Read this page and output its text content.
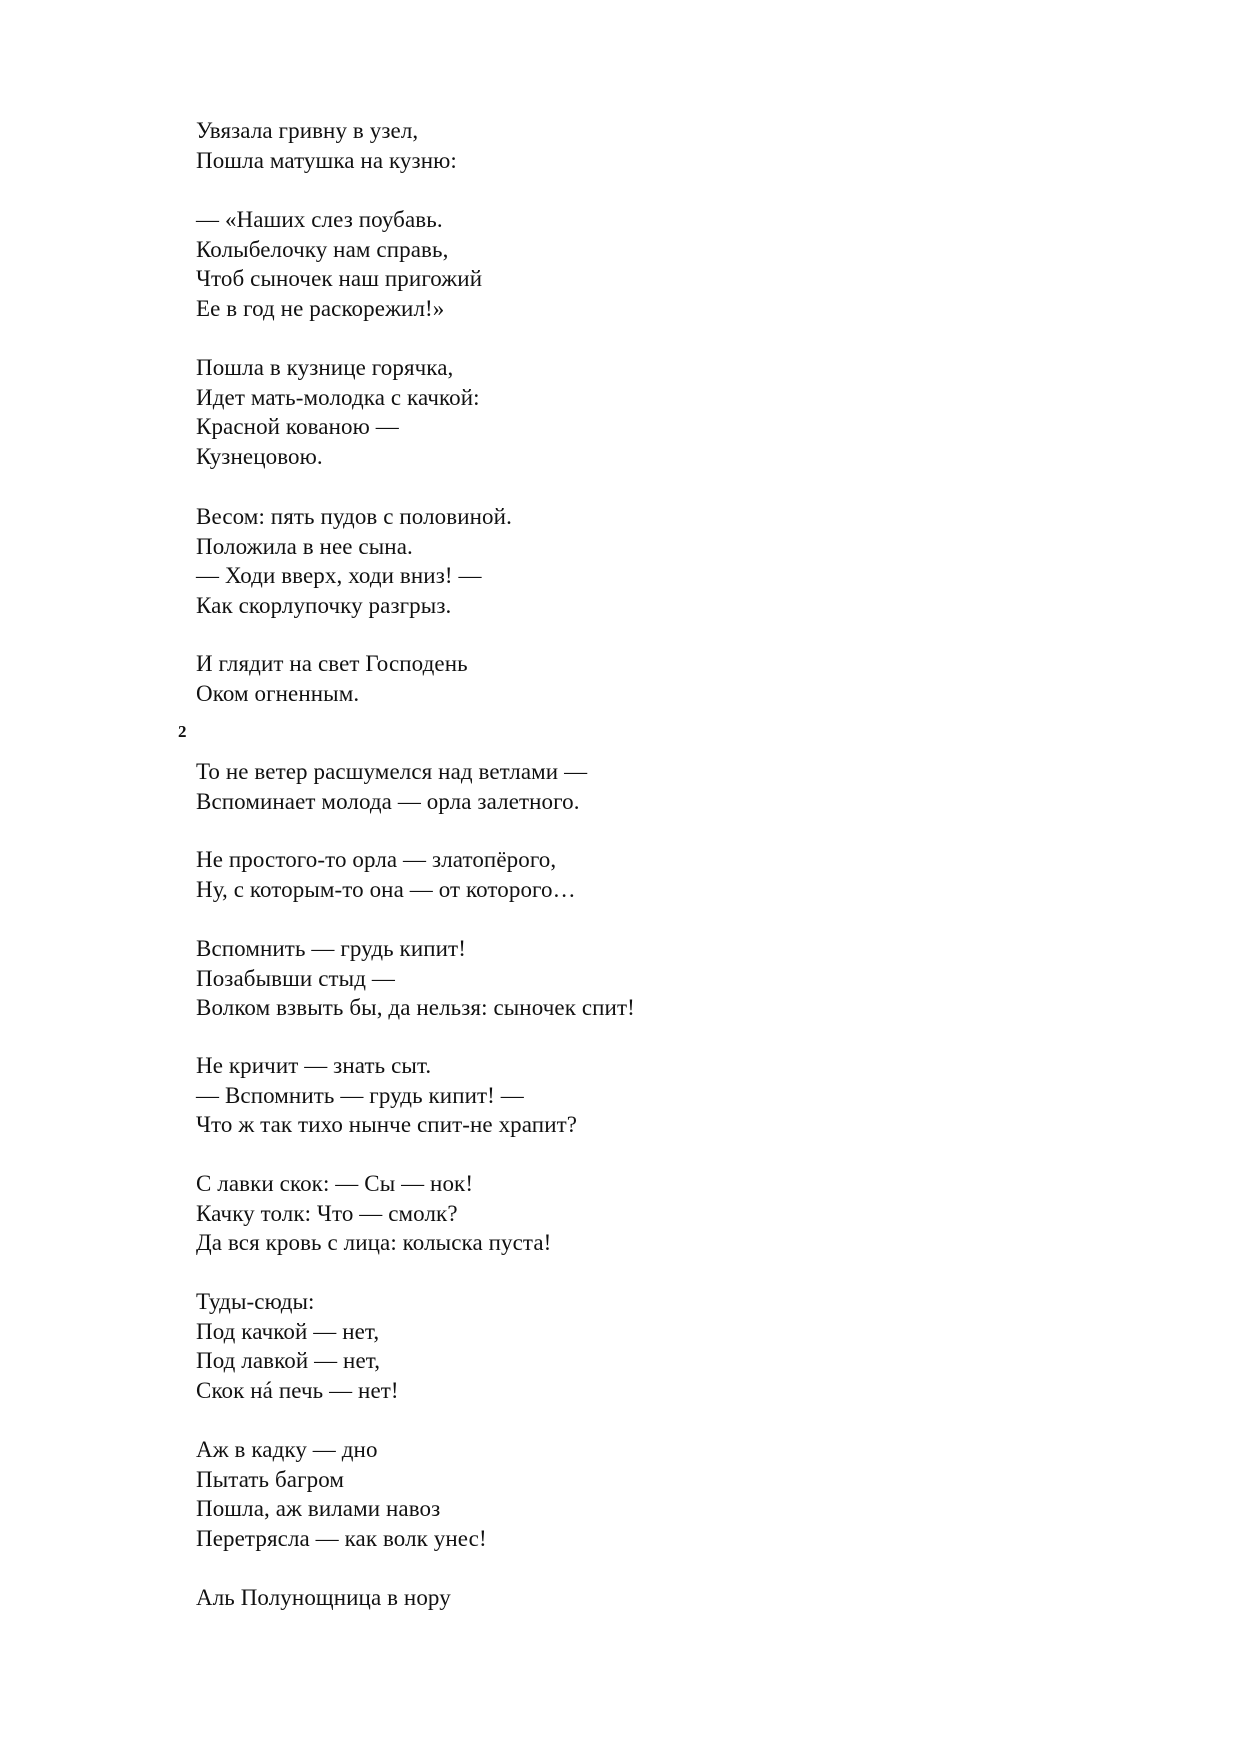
Увязала гривну в узел,
Пошла матушка на кузню:
— «Наших слез поубавь.
Колыбелочку нам справь,
Чтоб сыночек наш пригожий
Ее в год не раскорежил!»
Пошла в кузнице горячка,
Идет мать-молодка с качкой:
Красной кованою —
Кузнецовою.
Весом: пять пудов с половиной.
Положила в нее сына.
— Ходи вверх, ходи вниз! —
Как скорлупочку разгрыз.
И глядит на свет Господень
Оком огненным.
2
То не ветер расшумелся над ветлами —
Вспоминает молода — орла залетного.
Не простого-то орла — златопёрого,
Ну, с которым-то она — от которого…
Вспомнить — грудь кипит!
Позабывши стыд —
Волком взвыть бы, да нельзя: сыночек спит!
Не кричит — знать сыт.
— Вспомнить — грудь кипит! —
Что ж так тихо нынче спит-не храпит?
С лавки скок: — Сы — нок!
Качку толк: Что — смолк?
Да вся кровь с лица: колыска пуста!
Туды-сюды:
Под качкой — нет,
Под лавкой — нет,
Скок нá печь — нет!
Аж в кадку — дно
Пытать багром
Пошла, аж вилами навоз
Перетрясла — как волк унес!
Аль Полунощница в нору
